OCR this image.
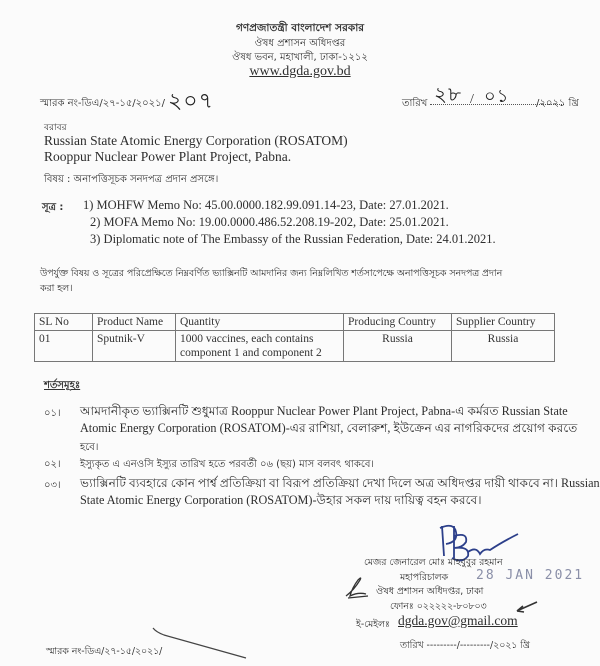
গণপ্রজাতন্ত্রী বাংলাদেশ সরকার
ঔষধ প্রশাসন অধিদপ্তর
ঔষধ ভবন, মহাখালী, ঢাকা-১২১২
www.dgda.gov.bd
স্মারক নং-ডিএ/২৭-১৫/২০২১/ ২০৭	তারিখ ২৮ / ০১	/২০২১ খ্রি
বরাবর
Russian State Atomic Energy Corporation (ROSATOM)
Rooppur Nuclear Power Plant Project, Pabna.
বিষয় : অনাপত্তিসূচক সনদপত্র প্রদান প্রসঙ্গে।
সূত্র : 1) MOHFW Memo No: 45.00.0000.182.99.091.14-23, Date: 27.01.2021.
2) MOFA Memo No: 19.00.0000.486.52.208.19-202, Date: 25.01.2021.
3) Diplomatic note of The Embassy of the Russian Federation, Date: 24.01.2021.
উপর্যুক্ত বিষয় ও সূত্রের পরিপ্রেক্ষিতে নিম্নবর্ণিত ভ্যাক্সিনটি আমদানির জন্য নিম্নলিখিত শর্তসাপেক্ষে অনাপত্তিসূচক সনদপত্র প্রদান
করা হল।
SL No	Product Name	Quantity	Producing Country	Supplier Country
01	Sputnik-V	1000 vaccines, each contains
component 1 and component 2	Russia	Russia
শর্তসমূহঃ
০১। আমদানীকৃত ভ্যাক্সিনটি শুধুমাত্র Rooppur Nuclear Power Plant Project, Pabna-এ কর্মরত Russian State
Atomic Energy Corporation (ROSATOM)-এর রাশিয়া, বেলারুশ, ইউক্রেন এর নাগরিকদের প্রয়োগ করতে
হবে।
০২। ইস্যুকৃত এ এনওসি ইস্যুর তারিখ হতে পরবর্তী ০৬ (ছয়) মাস বলবৎ থাকবে।
০৩। ভ্যাক্সিনটি ব্যবহারে কোন পার্শ্ব প্রতিক্রিয়া বা বিরূপ প্রতিক্রিয়া দেখা দিলে অত্র অধিদপ্তর দায়ী থাকবে না। Russian
State Atomic Energy Corporation (ROSATOM)-উহার সকল দায় দায়িত্ব বহন করবে।
মেজর জেনারেল মোঃ মাহবুবুর রহমান
মহাপরিচালক 28 JAN 2021
ঔষধ প্রশাসন অধিদপ্তর, ঢাকা
ফোনঃ ০২২২২২-৮০৮০৩
ই-মেইলঃ dgda.gov@gmail.com
তারিখ ---------/---------/২০২১ খ্রি
স্মারক নং-ডিএ/২৭-১৫/২০২১/
